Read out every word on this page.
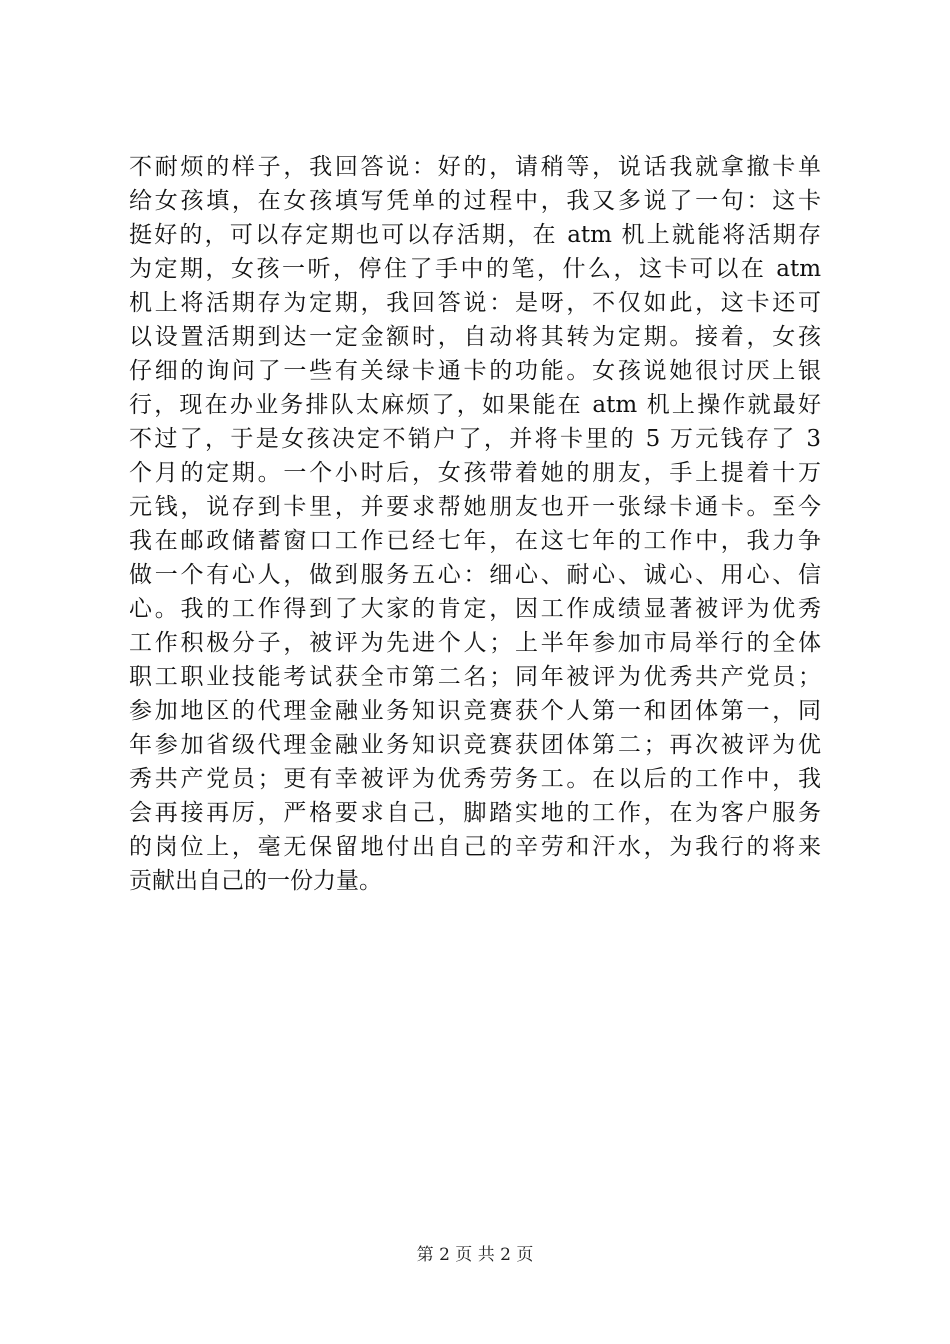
不耐烦的样子，我回答说：好的，请稍等，说话我就拿撤卡单
给女孩填，在女孩填写凭单的过程中，我又多说了一句：这卡
挺好的，可以存定期也可以存活期，在 atm 机上就能将活期存
为定期，女孩一听，停住了手中的笔，什么，这卡可以在 atm
机上将活期存为定期，我回答说：是呀，不仅如此，这卡还可
以设置活期到达一定金额时，自动将其转为定期。接着，女孩
仔细的询问了一些有关绿卡通卡的功能。女孩说她很讨厌上银
行，现在办业务排队太麻烦了，如果能在 atm 机上操作就最好
不过了，于是女孩决定不销户了，并将卡里的 5 万元钱存了 3
个月的定期。一个小时后，女孩带着她的朋友，手上提着十万
元钱，说存到卡里，并要求帮她朋友也开一张绿卡通卡。至今
我在邮政储蓄窗口工作已经七年，在这七年的工作中，我力争
做一个有心人，做到服务五心：细心、耐心、诚心、用心、信
心。我的工作得到了大家的肯定，因工作成绩显著被评为优秀
工作积极分子，被评为先进个人；上半年参加市局举行的全体
职工职业技能考试获全市第二名；同年被评为优秀共产党员；
参加地区的代理金融业务知识竞赛获个人第一和团体第一，同
年参加省级代理金融业务知识竞赛获团体第二；再次被评为优
秀共产党员；更有幸被评为优秀劳务工。在以后的工作中，我
会再接再厉，严格要求自己，脚踏实地的工作，在为客户服务
的岗位上，毫无保留地付出自己的辛劳和汗水，为我行的将来
贡献出自己的一份力量。
第 2 页 共 2 页
